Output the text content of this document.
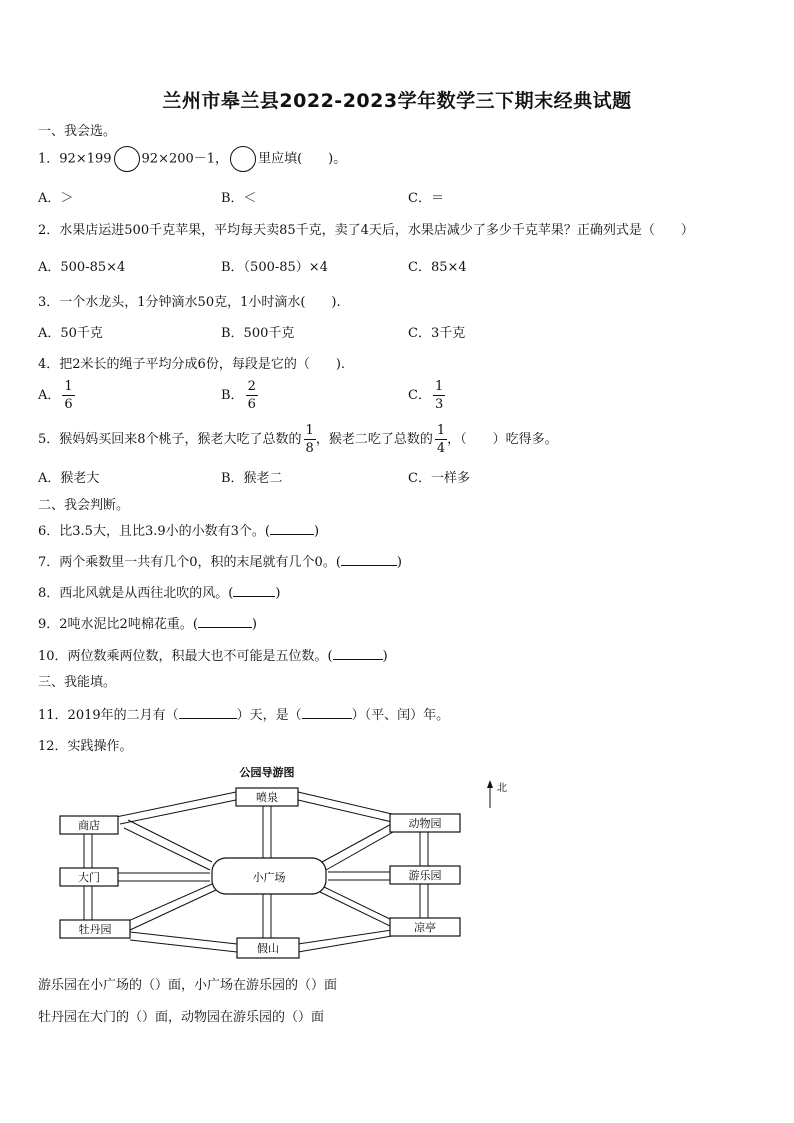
兰州市皋兰县2022-2023学年数学三下期末经典试题
一、我会选。
1．92×199 92×200－1， 里应填(　　)。
A．＞	B．＜	C．＝
2．水果店运进500千克苹果，平均每天卖85千克，卖了4天后，水果店减少了多少千克苹果？正确列式是（　　）
A．500-85×4	B．（500-85）×4	C．85×4
3．一个水龙头，1分钟滴水50克，1小时滴水(　　).
A．50千克	B．500千克	C．3千克
4．把2米长的绳子平均分成6份，每段是它的（　　).
A． $\frac{1}{6}$	B． $\frac{2}{6}$	C． $\frac{1}{3}$
5．猴妈妈买回来8个桃子，猴老大吃了总数的 $\frac{1}{8}$ ，猴老二吃了总数的 $\frac{1}{4}$ ，（　　）吃得多。
A．猴老大	B．猴老二	C．一样多
二、我会判断。
6．比3.5大，且比3.9小的小数有3个。(	)
7．两个乘数里一共有几个0，积的末尾就有几个0。(	)
8．西北风就是从西往北吹的风。(	)
9．2吨水泥比2吨棉花重。(	)
10．两位数乘两位数，积最大也不可能是五位数。(	)
三、我能填。
11．2019年的二月有（	）天，是（	）（平、闰）年。
12．实践操作。
公园导游图
小广场
喷泉
商店	动物园
大门	游乐园
牡丹园	凉亭
假山
北
游乐园在小广场的（）面，小广场在游乐园的（）面
牡丹园在大门的（）面，动物园在游乐园的（）面
